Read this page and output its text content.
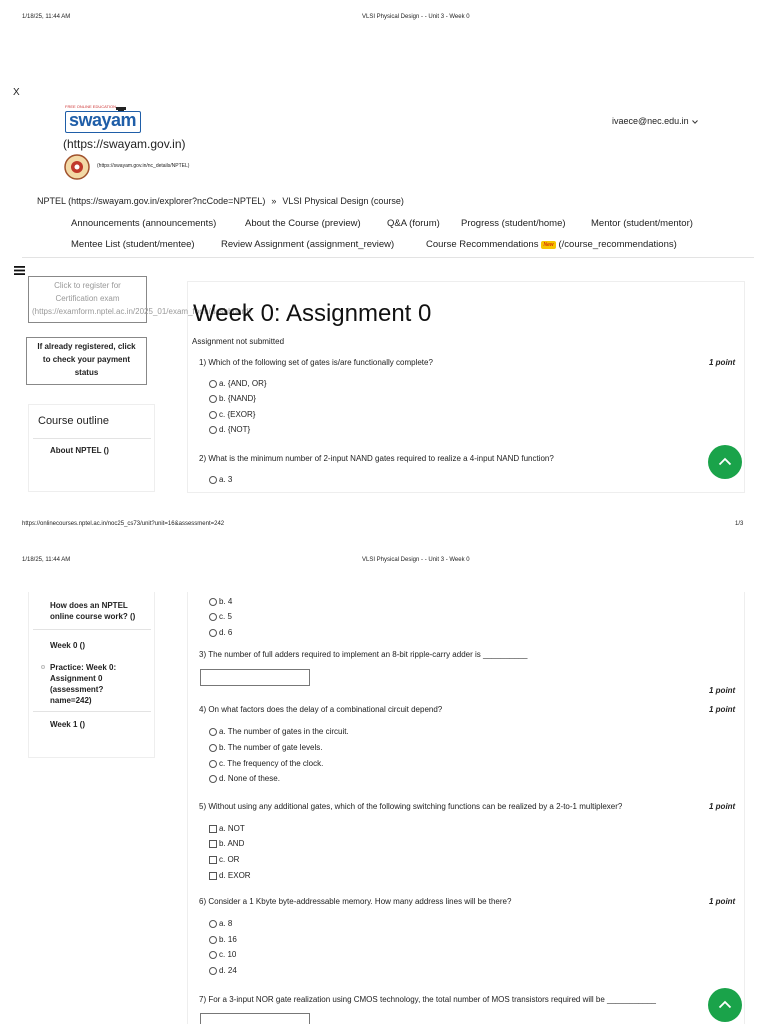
1/18/25, 11:44 AM	VLSI Physical Design - - Unit 3 - Week 0
X
FREE ONLINE EDUCATION
swayam
(https://swayam.gov.in)
(https://swayam.gov.in/nc_details/NPTEL)
ivaece@nec.edu.in
NPTEL (https://swayam.gov.in/explorer?ncCode=NPTEL) » VLSI Physical Design (course)
Announcements (announcements)	About the Course (preview)	Q&A (forum) Progress (student/home)	Mentor (student/mentor)
Mentee List (student/mentee)	Review Assignment (assignment_review)	Course Recommendations	New (/course_recommendations)
Click to register for
Certification exam
(https://examform.nptel.ac.in/2025_01/exam_form/dashboard)
Week 0: Assignment 0
If already registered, click
to check your payment
status
Assignment not submitted
1) Which of the following set of gates is/are functionally complete?	1 point
a. {AND, OR}
b. {NAND}
c. {EXOR}
d. {NOT}
2) What is the minimum number of 2-input NAND gates required to realize a 4-input NAND function?
a. 3
Course outline
About NPTEL ()
https://onlinecourses.nptel.ac.in/noc25_cs73/unit?unit=16&assessment=242	1/3
1/18/25, 11:44 AM	VLSI Physical Design - - Unit 3 - Week 0
How does an NPTEL
online course work? ()
Week 0 ()
Practice: Week 0:
Assignment 0
(assessment?
name=242)
Week 1 ()
b. 4
c. 5
d. 6
3) The number of full adders required to implement an 8-bit ripple-carry adder is __________
1 point
4) On what factors does the delay of a combinational circuit depend?	1 point
a. The number of gates in the circuit.
b. The number of gate levels.
c. The frequency of the clock.
d. None of these.
5) Without using any additional gates, which of the following switching functions can be realized by a 2-to-1 multiplexer?	1 point
a. NOT
b. AND
c. OR
d. EXOR
6) Consider a 1 Kbyte byte-addressable memory. How many address lines will be there?	1 point
a. 8
b. 16
c. 10
d. 24
7) For a 3-input NOR gate realization using CMOS technology, the total number of MOS transistors required will be ___________
